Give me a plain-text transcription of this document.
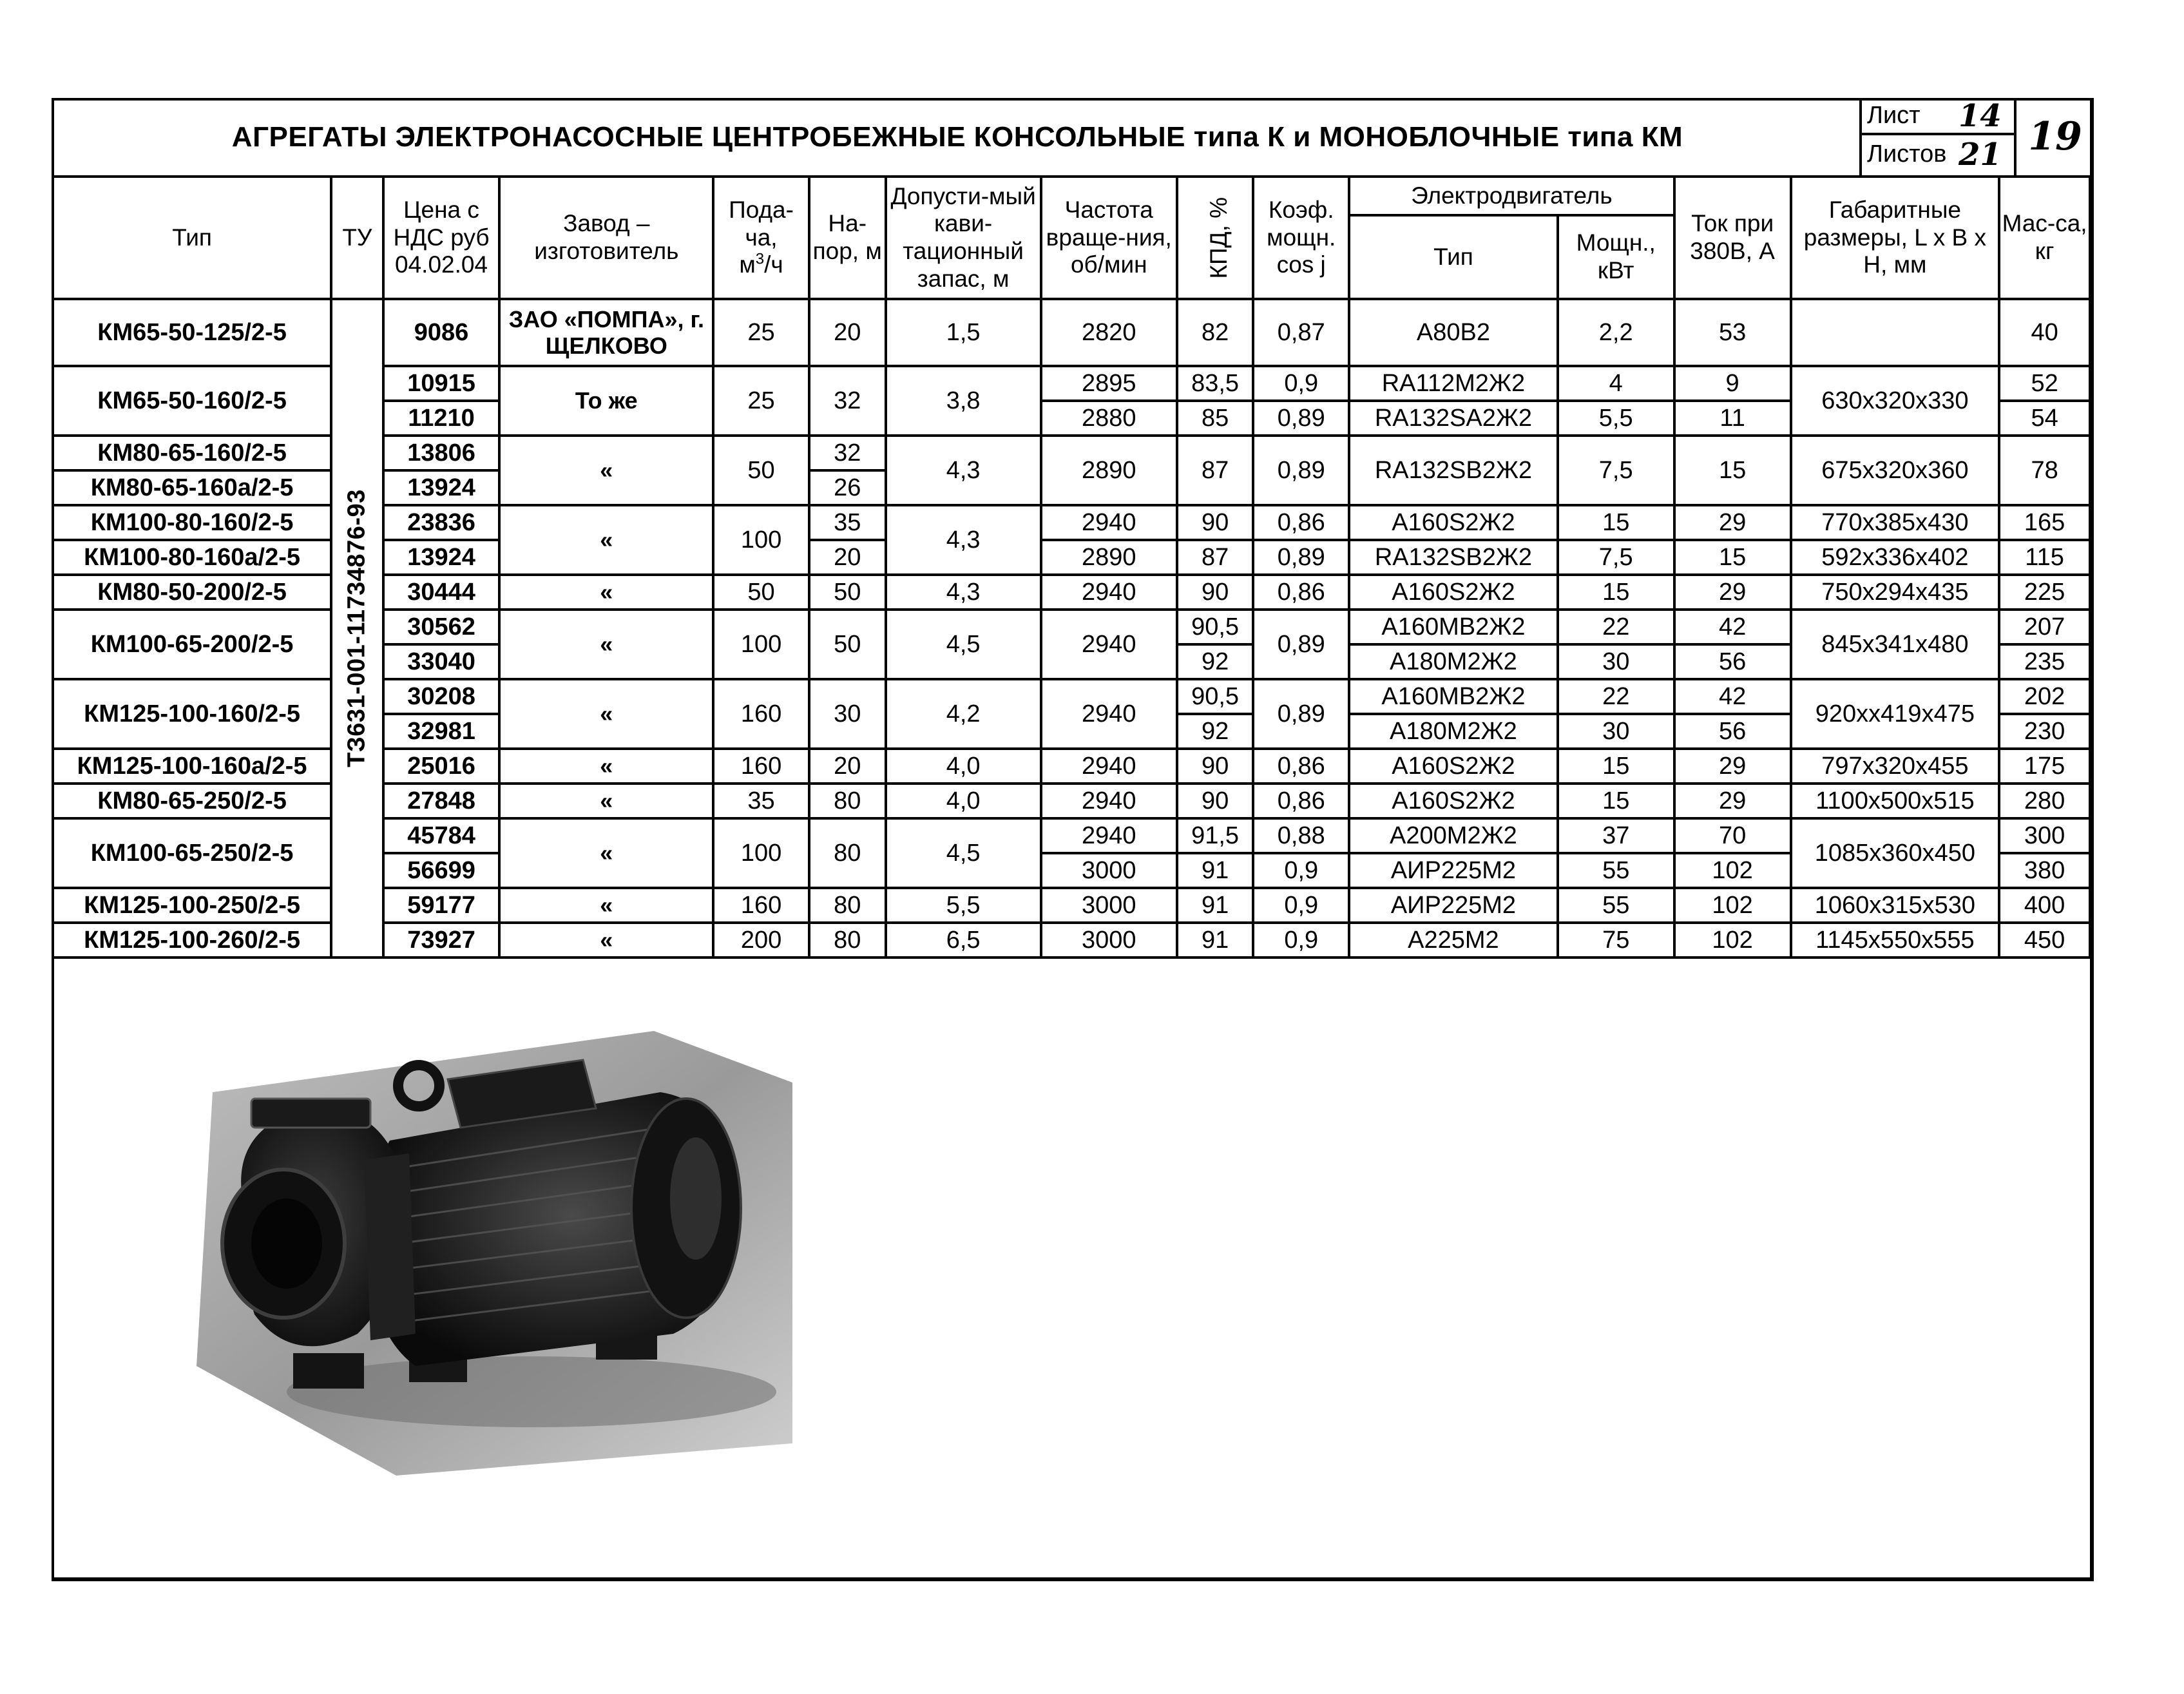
АГРЕГАТЫ ЭЛЕКТРОНАСОСНЫЕ ЦЕНТРОБЕЖНЫЕ КОНСОЛЬНЫЕ типа К и МОНОБЛОЧНЫЕ типа КМ
Лист 14
Листов 21 19
Тип	ТУ	Цена с НДС руб 04.02.04	Завод – изготовитель	Пода-ча,
$м^3/ч$	На-пор, м	Допусти-мый кави-тационный запас, м	Частота враще-ния, об/мин	КПД, %	Коэф. мощн. cos j	Электродвигатель		Ток при 380В, А	Габаритные размеры, L x B x H, мм	Мас-са, кг
										Тип	Мощн., кВт			
КМ65-50-125/2-5	ТЗ631-001-11734876-93	9086	ЗАО «ПОМПА», г. ЩЕЛКОВО	25	20	1,5	2820	82	0,87	А80В2	2,2	53		40
КМ65-50-160/2-5		10915	То же	25	32	3,8	2895	83,5	0,9	RA112M2Ж2	4	9	630x320x330	52
		11210					2880	85	0,89	RA132SA2Ж2	5,5	11		54
КМ80-65-160/2-5		13806	«	50	32	4,3	2890	87	0,89	RA132SB2Ж2	7,5	15	675x320x360	78
КМ80-65-160а/2-5		13924			26									
КМ100-80-160/2-5		23836	«	100	35	4,3	2940	90	0,86	А160S2Ж2	15	29	770x385x430	165
КМ100-80-160а/2-5		13924			20		2890	87	0,89	RA132SB2Ж2	7,5	15	592x336x402	115
КМ80-50-200/2-5		30444	«	50	50	4,3	2940	90	0,86	А160S2Ж2	15	29	750x294x435	225
КМ100-65-200/2-5		30562	«	100	50	4,5	2940	90,5	0,89	А160МВ2Ж2	22	42	845x341x480	207
		33040						92		А180М2Ж2	30	56		235
КМ125-100-160/2-5		30208	«	160	30	4,2	2940	90,5	0,89	А160МВ2Ж2	22	42	920xx419x475	202
		32981						92		А180М2Ж2	30	56		230
КМ125-100-160а/2-5		25016	«	160	20	4,0	2940	90	0,86	А160S2Ж2	15	29	797x320x455	175
КМ80-65-250/2-5		27848	«	35	80	4,0	2940	90	0,86	А160S2Ж2	15	29	1100x500x515	280
КМ100-65-250/2-5		45784	«	100	80	4,5	2940	91,5	0,88	А200М2Ж2	37	70	1085x360x450	300
		56699					3000	91	0,9	АИР225М2	55	102		380
КМ125-100-250/2-5		59177	«	160	80	5,5	3000	91	0,9	АИР225М2	55	102	1060x315x530	400
КМ125-100-260/2-5		73927	«	200	80	6,5	3000	91	0,9	А225М2	75	102	1145x550x555	450
